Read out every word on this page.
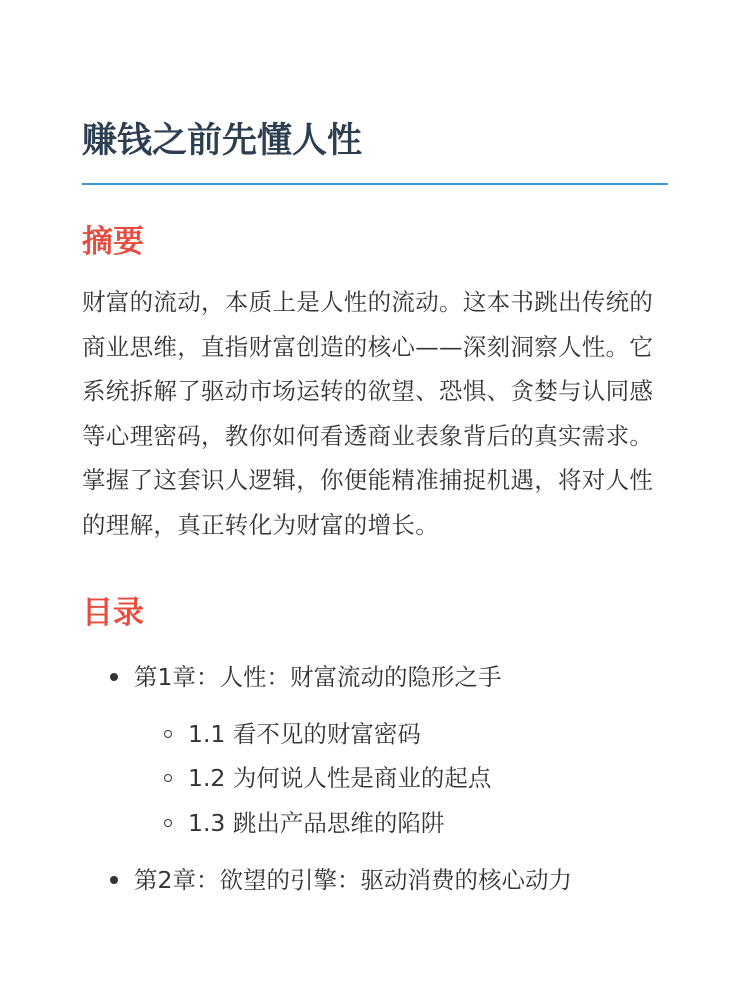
赚钱之前先懂人性
摘要

财富的流动，本质上是人性的流动。这本书跳出传统的商业思维，直指财富创造的核心——深刻洞察人性。它系统拆解了驱动市场运转的欲望、恐惧、贪婪与认同感等心理密码，教你如何看透商业表象背后的真实需求。掌握了这套识人逻辑，你便能精准捕捉机遇，将对人性的理解，真正转化为财富的增长。

目录
第1章：人性：财富流动的隐形之手
1.1 看不见的财富密码
1.2 为何说人性是商业的起点
1.3 跳出产品思维的陷阱
第2章：欲望的引擎：驱动消费的核心动力
